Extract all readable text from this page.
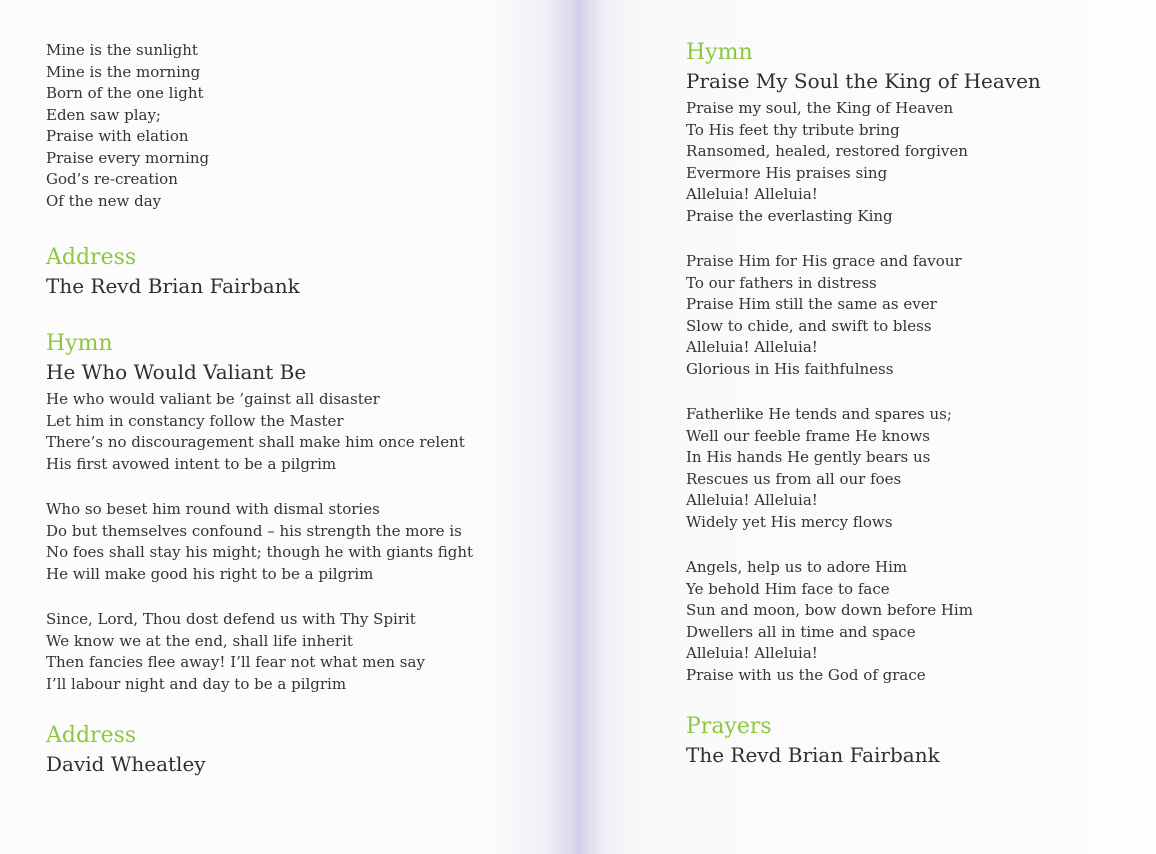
Mine is the sunlight
Mine is the morning
Born of the one light
Eden saw play;
Praise with elation
Praise every morning
God’s re-creation
Of the new day
Address
The Revd Brian Fairbank
Hymn
He Who Would Valiant Be
He who would valiant be ’gainst all disaster
Let him in constancy follow the Master
There’s no discouragement shall make him once relent
His first avowed intent to be a pilgrim
Who so beset him round with dismal stories
Do but themselves confound – his strength the more is
No foes shall stay his might; though he with giants fight
He will make good his right to be a pilgrim
Since, Lord, Thou dost defend us with Thy Spirit
We know we at the end, shall life inherit
Then fancies flee away! I’ll fear not what men say
I’ll labour night and day to be a pilgrim
Address
David Wheatley
Hymn
Praise My Soul the King of Heaven
Praise my soul, the King of Heaven
To His feet thy tribute bring
Ransomed, healed, restored forgiven
Evermore His praises sing
Alleluia! Alleluia!
Praise the everlasting King
Praise Him for His grace and favour
To our fathers in distress
Praise Him still the same as ever
Slow to chide, and swift to bless
Alleluia! Alleluia!
Glorious in His faithfulness
Fatherlike He tends and spares us;
Well our feeble frame He knows
In His hands He gently bears us
Rescues us from all our foes
Alleluia! Alleluia!
Widely yet His mercy flows
Angels, help us to adore Him
Ye behold Him face to face
Sun and moon, bow down before Him
Dwellers all in time and space
Alleluia! Alleluia!
Praise with us the God of grace
Prayers
The Revd Brian Fairbank
